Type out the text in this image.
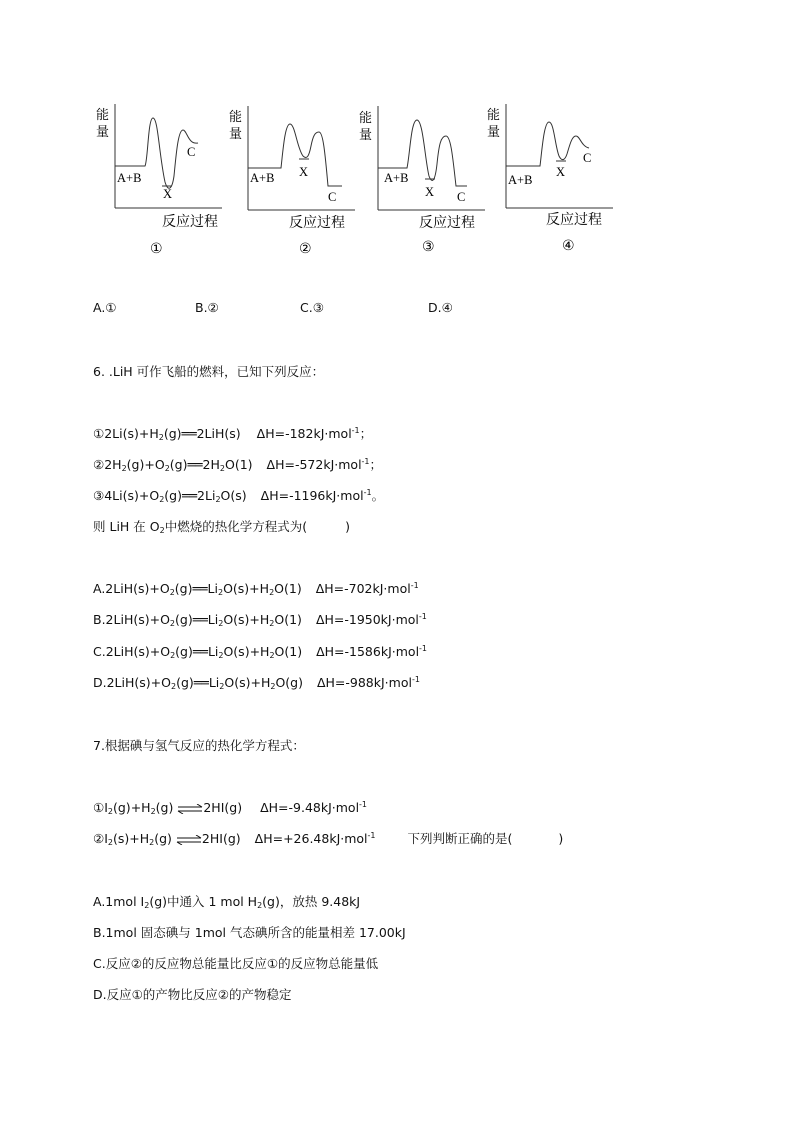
能
量
A+B
X
C
反应过程
①
能
量
A+B X
C
反应过程
②
能
量
A+B
X C
反应过程
③
能
量
A+B
X
C
反应过程
④
A.①	B.②	C.③	D.④
6. .LiH 可作飞船的燃料，已知下列反应：
$①2Li(s)+H_2(g)══2LiH(s)$ ΔH=-182kJ·mol$^{-1}$；
$②2H_2(g)+O_2(g)══2H_2O(1)$ ΔH=-572kJ·mol$^{-1}$；
$③4Li(s)+O_2(g)══2Li_2O(s)$ ΔH=-1196kJ·mol$^{-1}$。
则 LiH 在 $O_2$中燃烧的热化学方程式为(	)
$A.2LiH(s)+O_2(g)══Li_2O(s)+H_2O(1)$ ΔH=-702kJ·mol$^{-1}$
$B.2LiH(s)+O_2(g)══Li_2O(s)+H_2O(1)$ ΔH=-1950kJ·mol$^{-1}$
$C.2LiH(s)+O_2(g)══Li_2O(s)+H_2O(1)$ ΔH=-1586kJ·mol$^{-1}$
$D.2LiH(s)+O_2(g)══Li_2O(s)+H_2O(g)$ ΔH=-988kJ·mol$^{-1}$
7.根据碘与氢气反应的热化学方程式：
$①I_2(g)+H_2(g)$ ⇌2HI(g) ΔH=-9.48kJ·mol$^{-1}$
$②I_2(s)+H_2(g)$ ⇌2HI(g) ΔH=+26.48kJ·mol$^{-1}$	下列判断正确的是(	)
A.1mol $I_2(g)$中通入 1 mol $H_2(g)$，放热 9.48kJ
B.1mol 固态碘与 1mol 气态碘所含的能量相差 17.00kJ
C.反应②的反应物总能量比反应①的反应物总能量低
D.反应①的产物比反应②的产物稳定
